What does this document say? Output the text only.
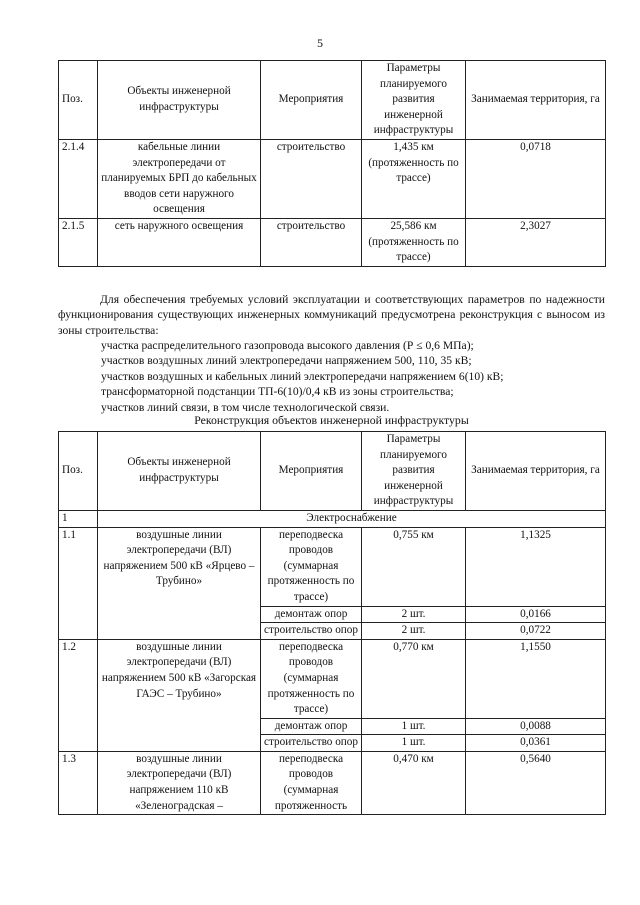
5
Поз.	Объекты инженерной инфраструктуры	Мероприятия	Параметры планируемого развития инженерной инфраструктуры	Занимаемая территория, га
2.1.4	кабельные линии электропередачи от планируемых БРП до кабельных вводов сети наружного освещения	строительство	1,435 км (протяженность по трассе)	0,0718
2.1.5	сеть наружного освещения	строительство	25,586 км (протяженность по трассе)	2,3027

Для обеспечения требуемых условий эксплуатации и соответствующих параметров по надежности функционирования существующих инженерных коммуникаций предусмотрена реконструкция с выносом из зоны строительства:

участка распределительного газопровода высокого давления (Р ≤ 0,6 МПа);
участков воздушных линий электропередачи напряжением 500, 110, 35 кВ;
участков воздушных и кабельных линий электропередачи напряжением 6(10) кВ;
трансформаторной подстанции ТП-6(10)/0,4 кВ из зоны строительства;
участков линий связи, в том числе технологической связи.
Реконструкция объектов инженерной инфраструктуры
Поз.	Объекты инженерной инфраструктуры	Мероприятия	Параметры планируемого развития инженерной инфраструктуры	Занимаемая территория, га
1	Электроснабжение			
1.1	воздушные линии электропередачи (ВЛ) напряжением 500 кВ «Ярцево – Трубино»	переподвеска проводов (суммарная протяженность по трассе)	0,755 км	1,1325
		демонтаж опор	2 шт.	0,0166
		строительство опор	2 шт.	0,0722
1.2	воздушные линии электропередачи (ВЛ) напряжением 500 кВ «Загорская ГАЭС – Трубино»	переподвеска проводов (суммарная протяженность по трассе)	0,770 км	1,1550
		демонтаж опор	1 шт.	0,0088
		строительство опор	1 шт.	0,0361
1.3	воздушные линии электропередачи (ВЛ) напряжением 110 кВ «Зеленоградская –	переподвеска проводов (суммарная протяженность	0,470 км	0,5640
